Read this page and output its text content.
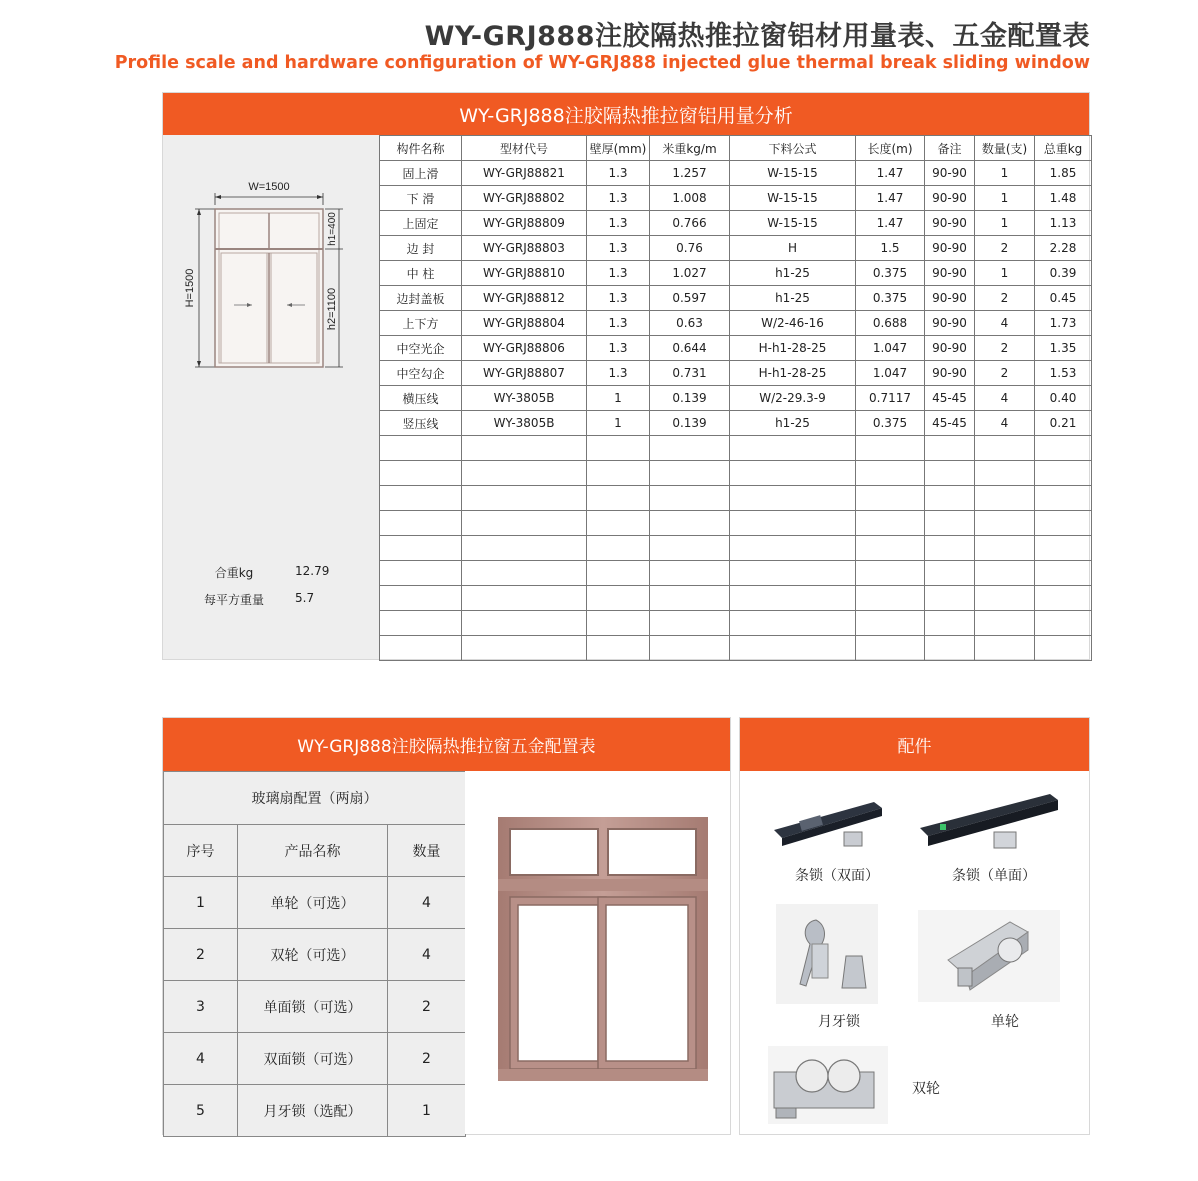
WY-GRJ888注胶隔热推拉窗铝材用量表、五金配置表
Profile scale and hardware configuration of WY-GRJ888 injected glue thermal break sliding window
WY-GRJ888注胶隔热推拉窗铝用量分析
W=1500
H=1500
h1=400
h2=1100
合重kg	12.79
每平方重量	5.7
构件名称	型材代号	壁厚(mm)	米重kg/m	下料公式	长度(m)	备注	数量(支)	总重kg
固上滑	WY-GRJ88821	1.3	1.257	W-15-15	1.47	90-90	1	1.85
下 滑	WY-GRJ88802	1.3	1.008	W-15-15	1.47	90-90	1	1.48
上固定	WY-GRJ88809	1.3	0.766	W-15-15	1.47	90-90	1	1.13
边 封	WY-GRJ88803	1.3	0.76	H	1.5	90-90	2	2.28
中 柱	WY-GRJ88810	1.3	1.027	h1-25	0.375	90-90	1	0.39
边封盖板	WY-GRJ88812	1.3	0.597	h1-25	0.375	90-90	2	0.45
上下方	WY-GRJ88804	1.3	0.63	W/2-46-16	0.688	90-90	4	1.73
中空光企	WY-GRJ88806	1.3	0.644	H-h1-28-25	1.047	90-90	2	1.35
中空勾企	WY-GRJ88807	1.3	0.731	H-h1-28-25	1.047	90-90	2	1.53
横压线	WY-3805B	1	0.139	W/2-29.3-9	0.7117	45-45	4	0.40
竖压线	WY-3805B	1	0.139	h1-25	0.375	45-45	4	0.21

WY-GRJ888注胶隔热推拉窗五金配置表
玻璃扇配置（两扇）		
序号	产品名称	数量
1	单轮（可选）	4
2	双轮（可选）	4
3	单面锁（可选）	2
4	双面锁（可选）	2
5	月牙锁（选配）	1
配件
条锁（双面）	条锁（单面）
月牙锁	单轮
双轮
